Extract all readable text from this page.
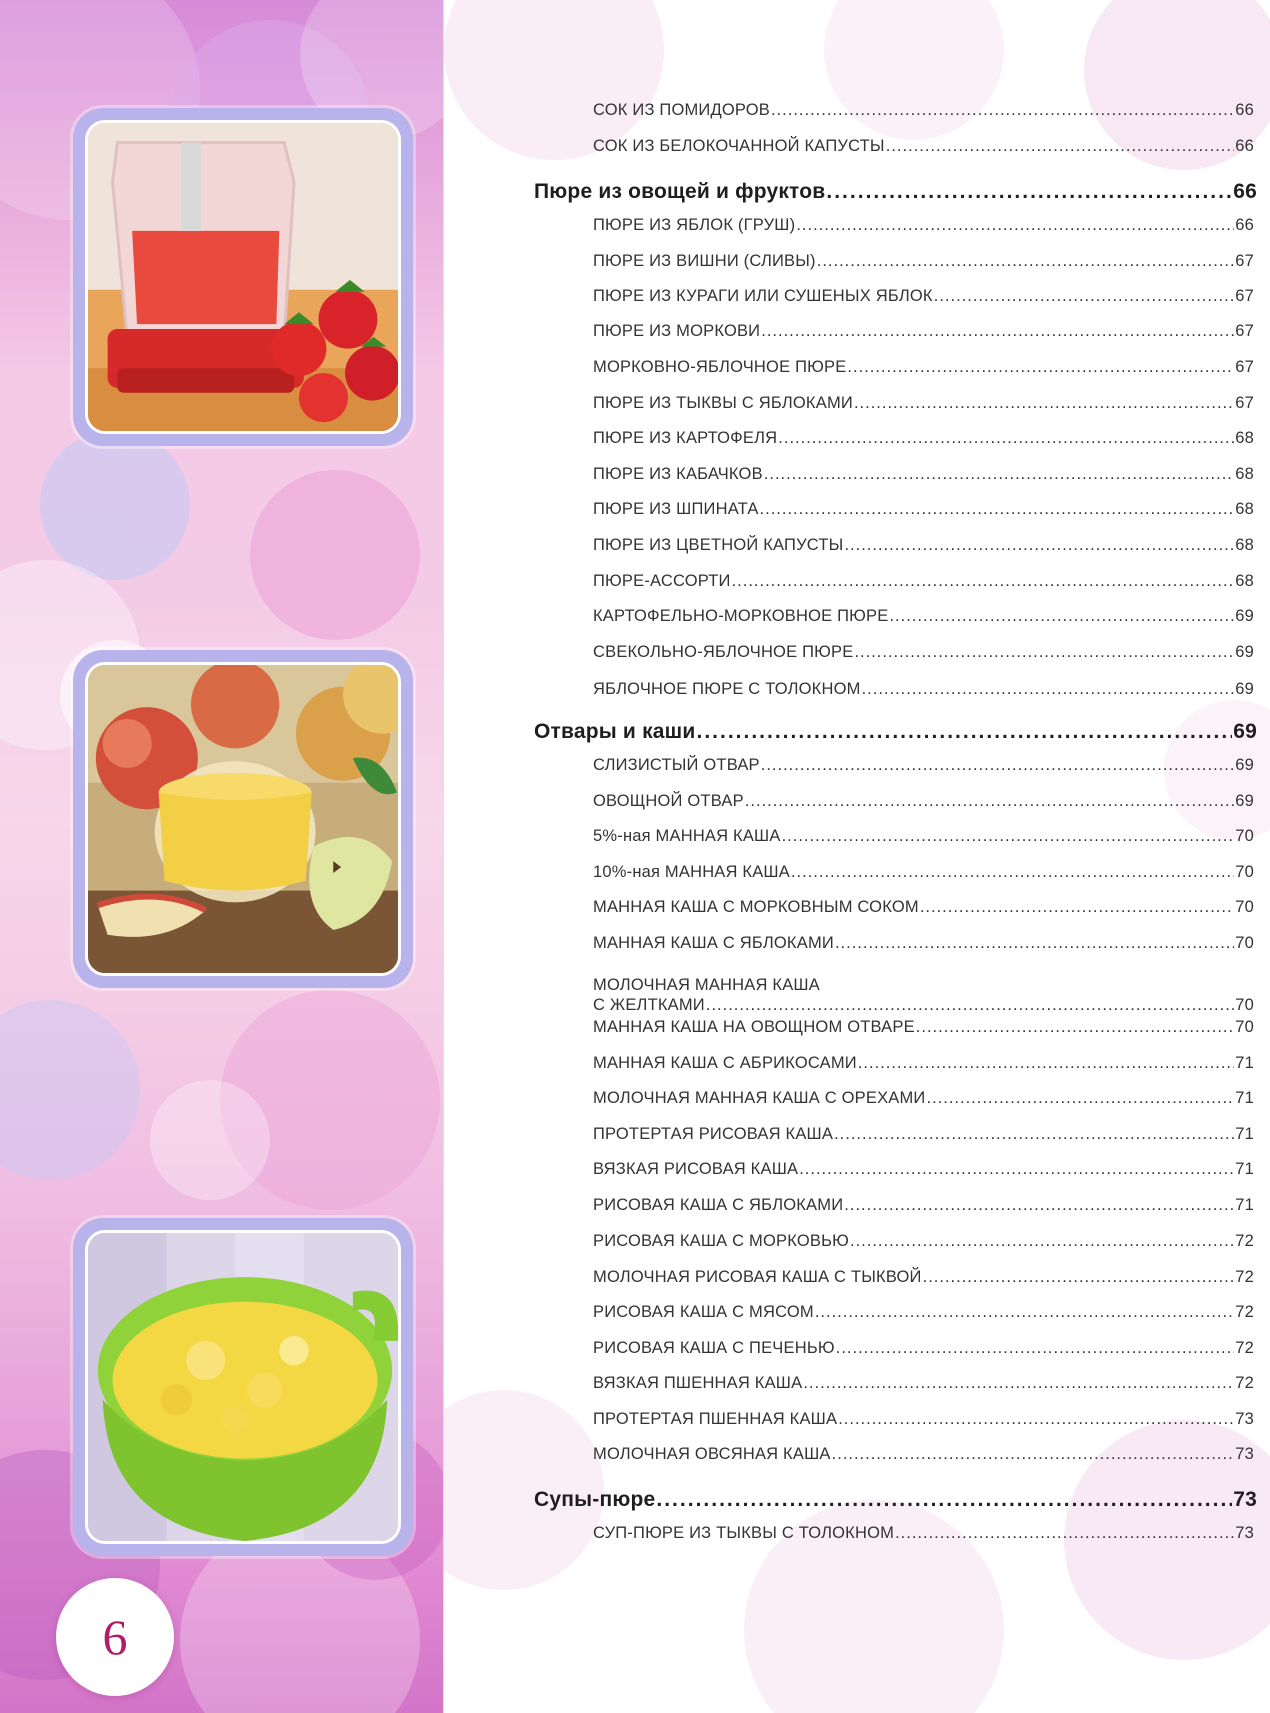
6
СОК ИЗ ПОМИДОРОВ .....	66
СОК ИЗ БЕЛОКОЧАННОЙ КАПУСТЫ .....	66
Пюре из овощей и фруктов .....	66
ПЮРЕ ИЗ ЯБЛОК (ГРУШ) .....	66
ПЮРЕ ИЗ ВИШНИ (СЛИВЫ) .....	67
ПЮРЕ ИЗ КУРАГИ ИЛИ СУШЕНЫХ ЯБЛОК .....	67
ПЮРЕ ИЗ МОРКОВИ .....	67
МОРКОВНО-ЯБЛОЧНОЕ ПЮРЕ .....	67
ПЮРЕ ИЗ ТЫКВЫ С ЯБЛОКАМИ .....	67
ПЮРЕ ИЗ КАРТОФЕЛЯ .....	68
ПЮРЕ ИЗ КАБАЧКОВ .....	68
ПЮРЕ ИЗ ШПИНАТА .....	68
ПЮРЕ ИЗ ЦВЕТНОЙ КАПУСТЫ .....	68
ПЮРЕ-АССОРТИ .....	68
КАРТОФЕЛЬНО-МОРКОВНОЕ ПЮРЕ .....	69
СВЕКОЛЬНО-ЯБЛОЧНОЕ ПЮРЕ .....	69
ЯБЛОЧНОЕ ПЮРЕ С ТОЛОКНОМ .....	69
Отвары и каши .....	69
СЛИЗИСТЫЙ ОТВАР .....	69
ОВОЩНОЙ ОТВАР .....	69
5%-ная МАННАЯ КАША .....	70
10%-ная МАННАЯ КАША .....	70
МАННАЯ КАША С МОРКОВНЫМ СОКОМ .....	70
МАННАЯ КАША С ЯБЛОКАМИ .....	70
МОЛОЧНАЯ МАННАЯ КАША
С ЖЕЛТКАМИ .....	70
МАННАЯ КАША НА ОВОЩНОМ ОТВАРЕ .....	70
МАННАЯ КАША С АБРИКОСАМИ .....	71
МОЛОЧНАЯ МАННАЯ КАША С ОРЕХАМИ .....	71
ПРОТЕРТАЯ РИСОВАЯ КАША .....	71
ВЯЗКАЯ РИСОВАЯ КАША .....	71
РИСОВАЯ КАША С ЯБЛОКАМИ .....	71
РИСОВАЯ КАША С МОРКОВЬЮ .....	72
МОЛОЧНАЯ РИСОВАЯ КАША С ТЫКВОЙ .....	72
РИСОВАЯ КАША С МЯСОМ .....	72
РИСОВАЯ КАША С ПЕЧЕНЬЮ .....	72
ВЯЗКАЯ ПШЕННАЯ КАША .....	72
ПРОТЕРТАЯ ПШЕННАЯ КАША .....	73
МОЛОЧНАЯ ОВСЯНАЯ КАША .....	73
Супы-пюре .....	73
СУП-ПЮРЕ ИЗ ТЫКВЫ С ТОЛОКНОМ .....	73
